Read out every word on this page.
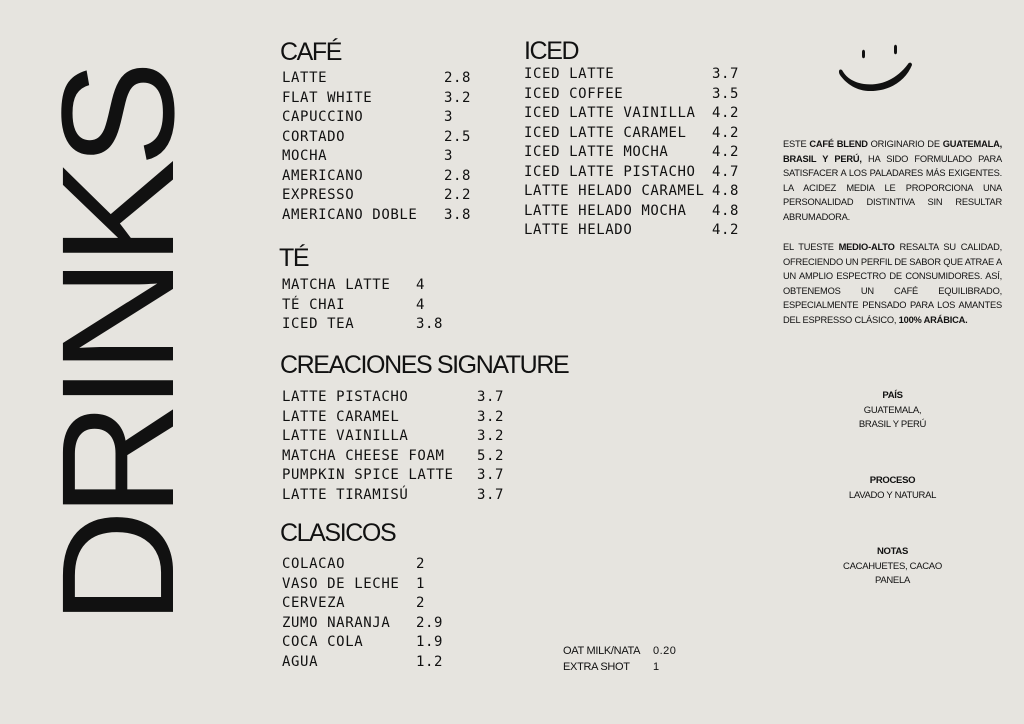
DRINKS
CAFÉ
LATTE	2.8
FLAT WHITE	3.2
CAPUCCINO	3
CORTADO	2.5
MOCHA	3
AMERICANO	2.8
EXPRESSO	2.2
AMERICANO DOBLE 3.8
TÉ
MATCHA LATTE 4
TÉ CHAI	4
ICED TEA	3.8
CREACIONES SIGNATURE
LATTE PISTACHO	3.7
LATTE CARAMEL	3.2
LATTE VAINILLA	3.2
MATCHA CHEESE FOAM 5.2
PUMPKIN SPICE LATTE 3.7
LATTE TIRAMISÚ	3.7
CLASICOS
COLACAO	2
VASO DE LECHE 1
CERVEZA	2
ZUMO NARANJA 2.9
COCA COLA	1.9
AGUA	1.2
ICED
ICED LATTE	3.7
ICED COFFEE	3.5
ICED LATTE VAINILLA 4.2
ICED LATTE CARAMEL 4.2
ICED LATTE MOCHA	4.2
ICED LATTE PISTACHO 4.7
LATTE HELADO CARAMEL 4.8
LATTE HELADO MOCHA 4.8
LATTE HELADO	4.2
OAT MILK/NATA 0.20
EXTRA SHOT 1

ESTE CAFÉ BLEND ORIGINARIO DE GUATEMALA, BRASIL Y PERÚ, HA SIDO FORMULADO PARA SATISFACER A LOS PALADARES MÁS EXIGENTES. LA ACIDEZ MEDIA LE PROPORCIONA UNA PERSONALIDAD DISTINTIVA SIN RESULTAR ABRUMADORA.

EL TUESTE MEDIO-ALTO RESALTA SU CALIDAD, OFRECIENDO UN PERFIL DE SABOR QUE ATRAE A UN AMPLIO ESPECTRO DE CONSUMIDORES. ASÍ, OBTENEMOS UN CAFÉ EQUILIBRADO, ESPECIALMENTE PENSADO PARA LOS AMANTES DEL ESPRESSO CLÁSICO, 100% ARÁBICA.

PAÍS
GUATEMALA,
BRASIL Y PERÚ
PROCESO
LAVADO Y NATURAL
NOTAS
CACAHUETES, CACAO
PANELA
